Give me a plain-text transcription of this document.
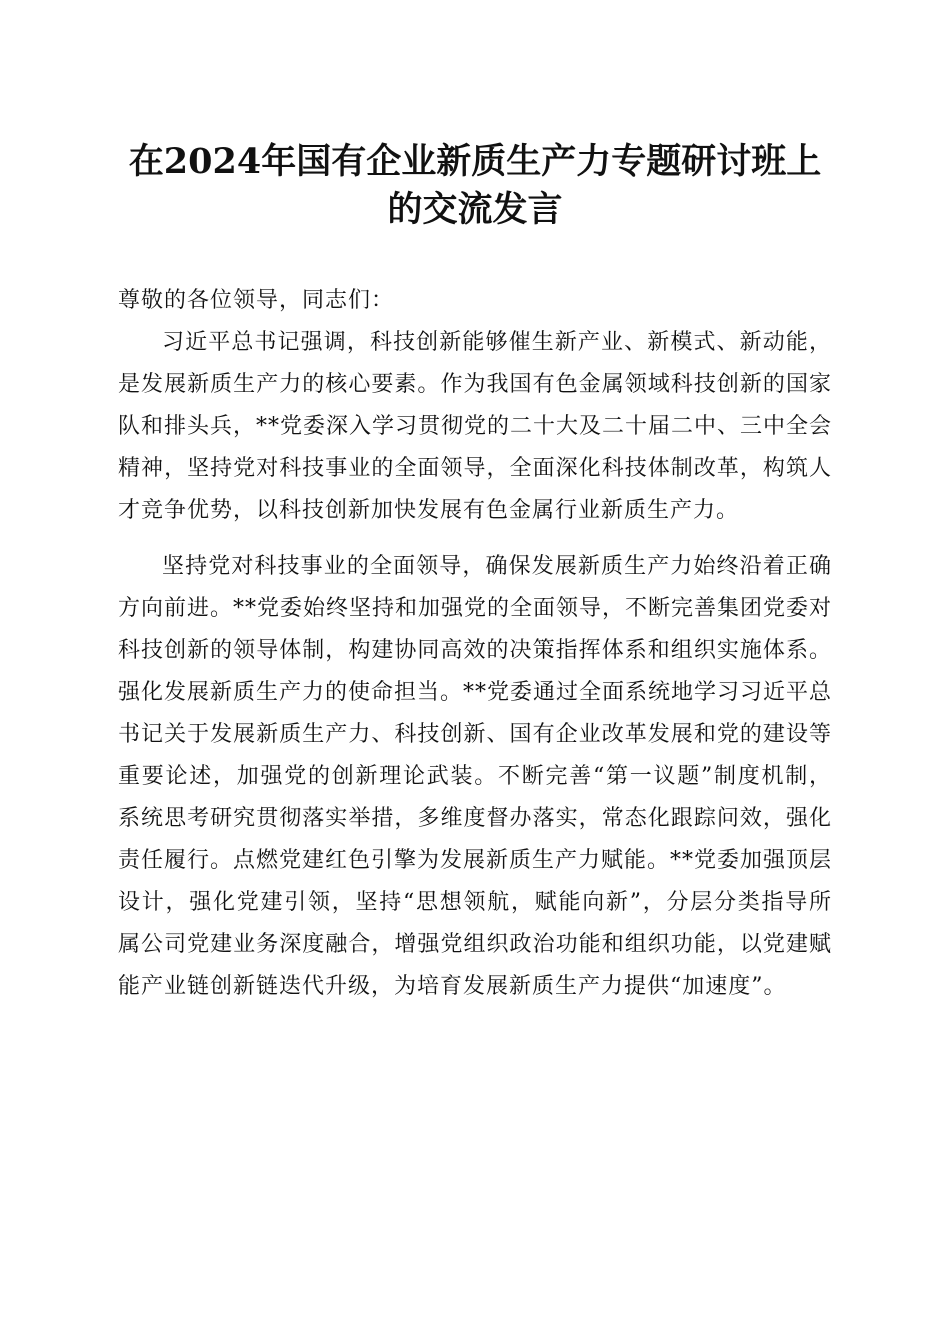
在2024年国有企业新质生产力专题研讨班上
的交流发言

尊敬的各位领导，同志们：

习近平总书记强调，科技创新能够催生新产业、新模式、新动能，是发展新质生产力的核心要素。作为我国有色金属领域科技创新的国家队和排头兵，**党委深入学习贯彻党的二十大及二十届二中、三中全会精神，坚持党对科技事业的全面领导，全面深化科技体制改革，构筑人才竞争优势，以科技创新加快发展有色金属行业新质生产力。

坚持党对科技事业的全面领导，确保发展新质生产力始终沿着正确方向前进。**党委始终坚持和加强党的全面领导，不断完善集团党委对科技创新的领导体制，构建协同高效的决策指挥体系和组织实施体系。强化发展新质生产力的使命担当。**党委通过全面系统地学习习近平总书记关于发展新质生产力、科技创新、国有企业改革发展和党的建设等重要论述，加强党的创新理论武装。不断完善“第一议题”制度机制，系统思考研究贯彻落实举措，多维度督办落实，常态化跟踪问效，强化责任履行。点燃党建红色引擎为发展新质生产力赋能。**党委加强顶层设计，强化党建引领，坚持“思想领航，赋能向新”，分层分类指导所属公司党建业务深度融合，增强党组织政治功能和组织功能，以党建赋能产业链创新链迭代升级，为培育发展新质生产力提供“加速度”。
